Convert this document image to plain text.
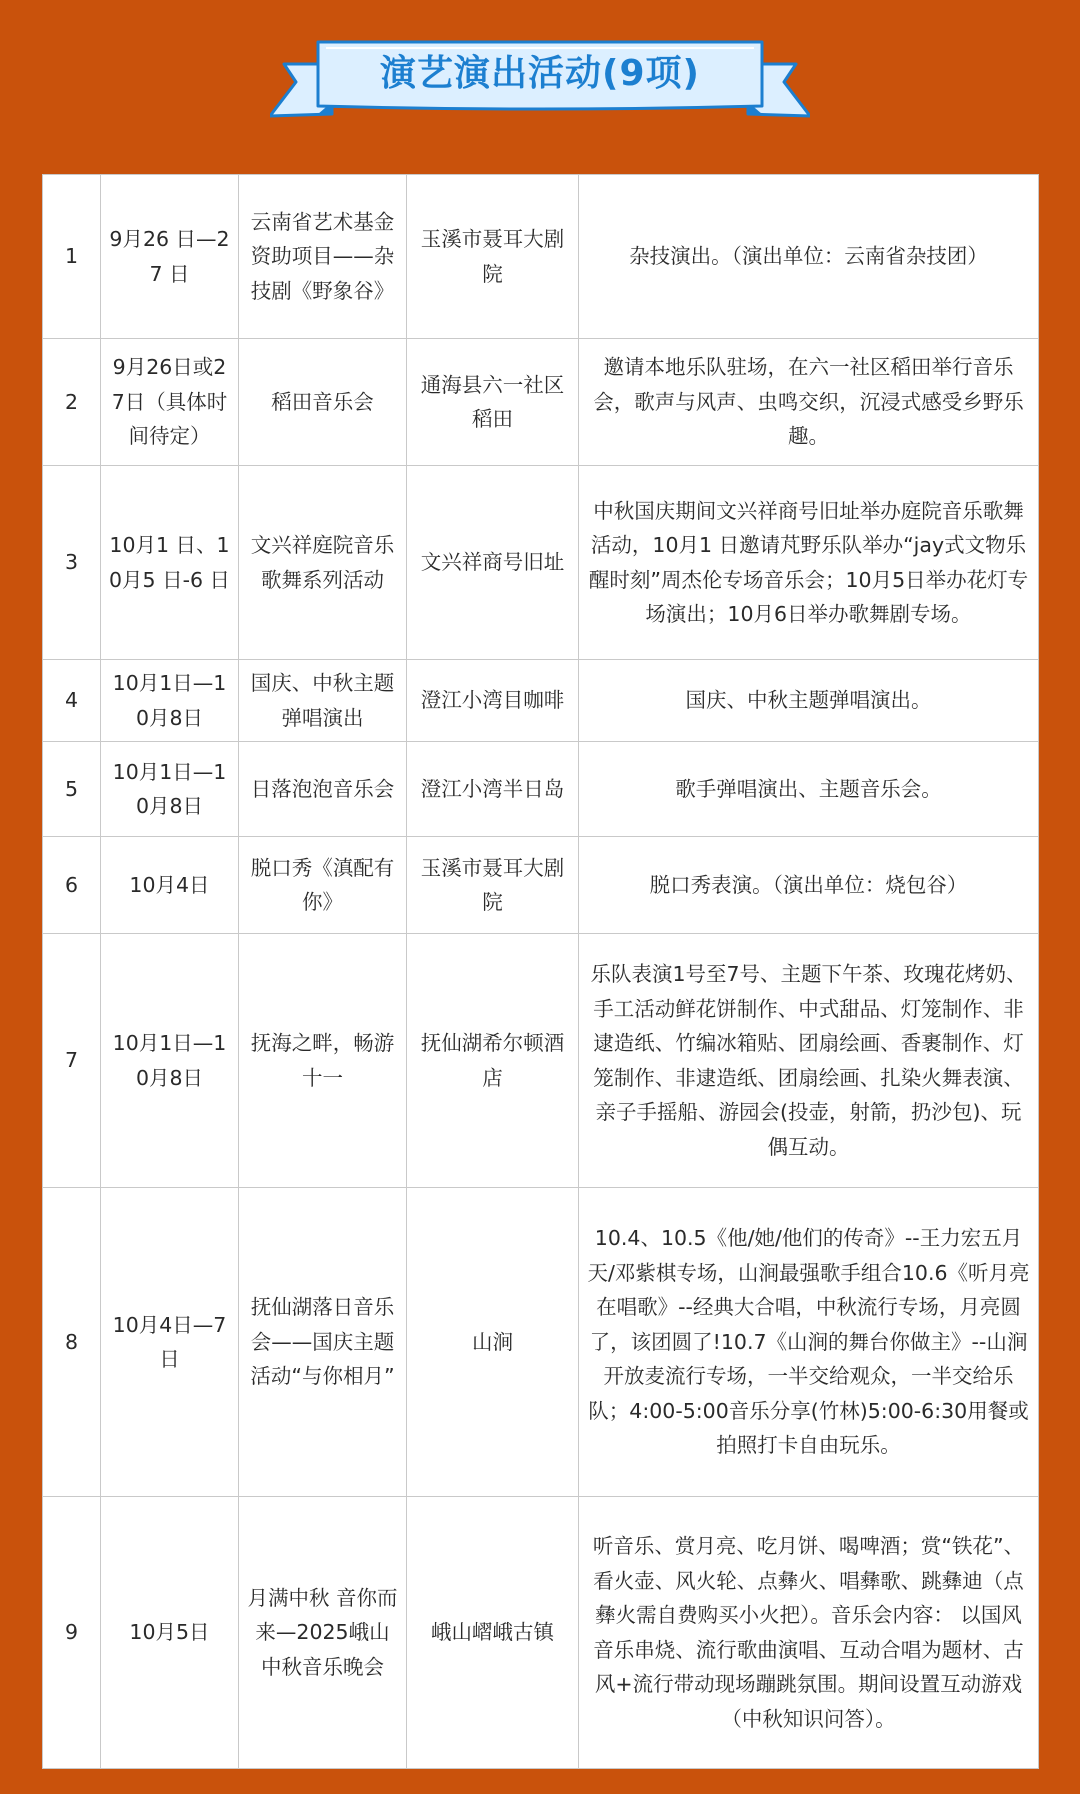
演艺演出活动(9项)
1	9月26 日—27 日	云南省艺术基金资助项目——杂技剧《野象谷》	玉溪市聂耳大剧院	杂技演出。（演出单位：云南省杂技团）
2	9月26日或27日（具体时间待定）	稻田音乐会	通海县六一社区稻田	邀请本地乐队驻场，在六一社区稻田举行音乐会，歌声与风声、虫鸣交织，沉浸式感受乡野乐趣。
3	10月1 日、10月5 日-6 日	文兴祥庭院音乐歌舞系列活动	文兴祥商号旧址	中秋国庆期间文兴祥商号旧址举办庭院音乐歌舞活动，10月1 日邀请芃野乐队举办“jay式文物乐醒时刻”周杰伦专场音乐会；10月5日举办花灯专场演出；10月6日举办歌舞剧专场。
4	10月1日—10月8日	国庆、中秋主题弹唱演出	澄江小湾目咖啡	国庆、中秋主题弹唱演出。
5	10月1日—10月8日	日落泡泡音乐会	澄江小湾半日岛	歌手弹唱演出、主题音乐会。
6	10月4日	脱口秀《滇配有你》	玉溪市聂耳大剧院	脱口秀表演。（演出单位：烧包谷）
7	10月1日—10月8日	抚海之畔，畅游十一	抚仙湖希尔顿酒店	乐队表演1号至7号、主题下午茶、玫瑰花烤奶、手工活动鲜花饼制作、中式甜品、灯笼制作、非逮造纸、竹编冰箱贴、团扇绘画、香裹制作、灯笼制作、非逮造纸、团扇绘画、扎染火舞表演、亲子手摇船、游园会(投壶，射箭，扔沙包)、玩偶互动。
8	10月4日—7日	抚仙湖落日音乐会——国庆主题活动“与你相月”	山涧	10.4、10.5《他/她/他们的传奇》--王力宏五月天/邓紫棋专场，山涧最强歌手组合10.6《听月亮在唱歌》--经典大合唱，中秋流行专场，月亮圆了，该团圆了!10.7《山涧的舞台你做主》--山涧开放麦流行专场，一半交给观众，一半交给乐队；4:00-5:00音乐分享(竹林)5:00-6:30用餐或拍照打卡自由玩乐。
9	10月5日	月满中秋 音你而来—2025峨山中秋音乐晚会	峨山嶍峨古镇	听音乐、赏月亮、吃月饼、喝啤酒；赏“铁花”、看火壶、风火轮、点彝火、唱彝歌、跳彝迪（点彝火需自费购买小火把）。音乐会内容： 以国风音乐串烧、流行歌曲演唱、互动合唱为题材、古风+流行带动现场蹦跳氛围。期间设置互动游戏（中秋知识问答）。
